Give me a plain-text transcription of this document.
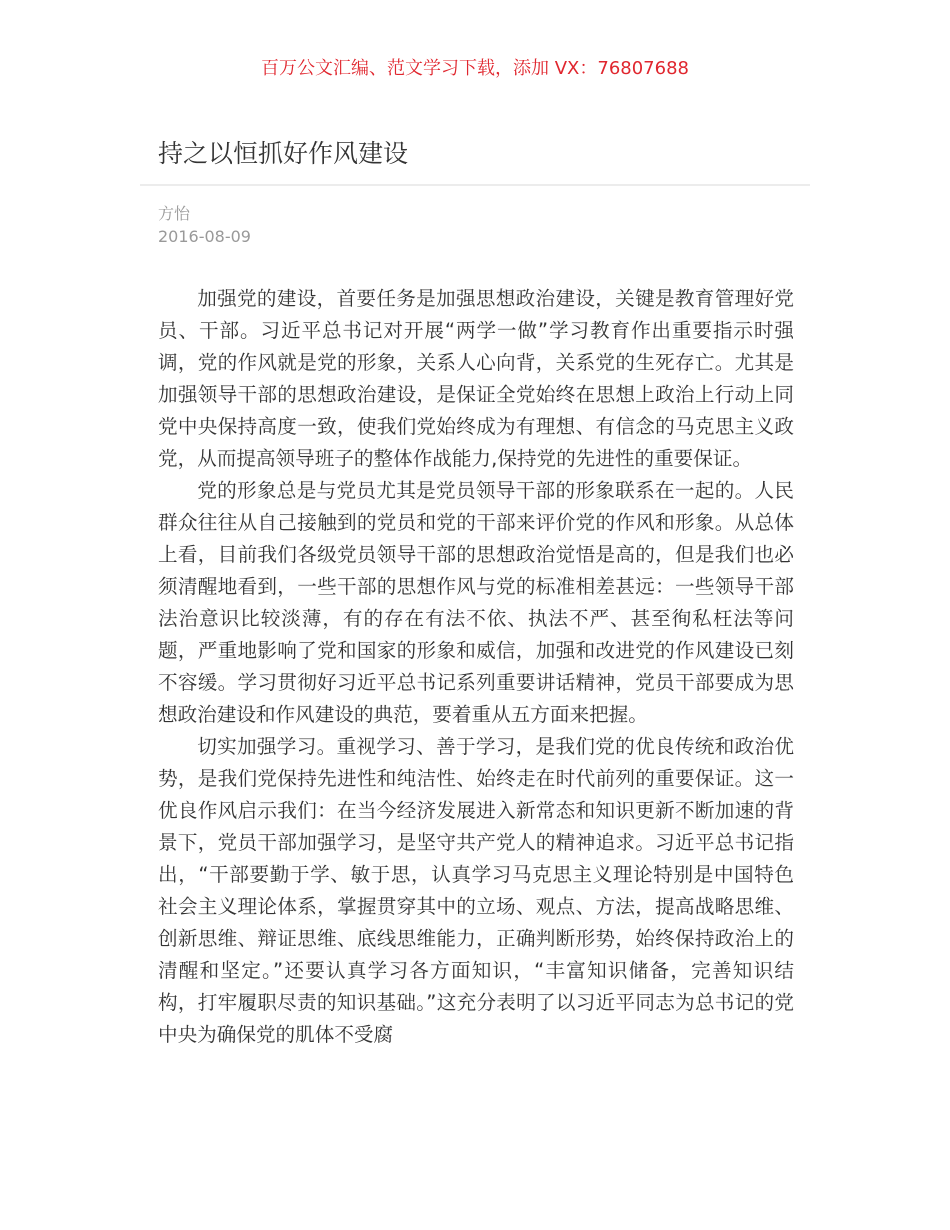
百万公文汇编、范文学习下载，添加 VX：76807688
持之以恒抓好作风建设
方怡
2016-08-09

加强党的建设，首要任务是加强思想政治建设，关键是教育管理好党员、干部。习近平总书记对开展“两学一做”学习教育作出重要指示时强调，党的作风就是党的形象，关系人心向背，关系党的生死存亡。尤其是加强领导干部的思想政治建设，是保证全党始终在思想上政治上行动上同党中央保持高度一致，使我们党始终成为有理想、有信念的马克思主义政党，从而提高领导班子的整体作战能力,保持党的先进性的重要保证。

党的形象总是与党员尤其是党员领导干部的形象联系在一起的。人民群众往往从自己接触到的党员和党的干部来评价党的作风和形象。从总体上看，目前我们各级党员领导干部的思想政治觉悟是高的，但是我们也必须清醒地看到，一些干部的思想作风与党的标准相差甚远：一些领导干部法治意识比较淡薄，有的存在有法不依、执法不严、甚至徇私枉法等问题，严重地影响了党和国家的形象和威信，加强和改进党的作风建设已刻不容缓。学习贯彻好习近平总书记系列重要讲话精神，党员干部要成为思想政治建设和作风建设的典范，要着重从五方面来把握。

切实加强学习。重视学习、善于学习，是我们党的优良传统和政治优势，是我们党保持先进性和纯洁性、始终走在时代前列的重要保证。这一优良作风启示我们：在当今经济发展进入新常态和知识更新不断加速的背景下，党员干部加强学习，是坚守共产党人的精神追求。习近平总书记指出，“干部要勤于学、敏于思，认真学习马克思主义理论特别是中国特色社会主义理论体系，掌握贯穿其中的立场、观点、方法，提高战略思维、创新思维、辩证思维、底线思维能力，正确判断形势，始终保持政治上的清醒和坚定。”还要认真学习各方面知识，“丰富知识储备，完善知识结构，打牢履职尽责的知识基础。”这充分表明了以习近平同志为总书记的党中央为确保党的肌体不受腐
